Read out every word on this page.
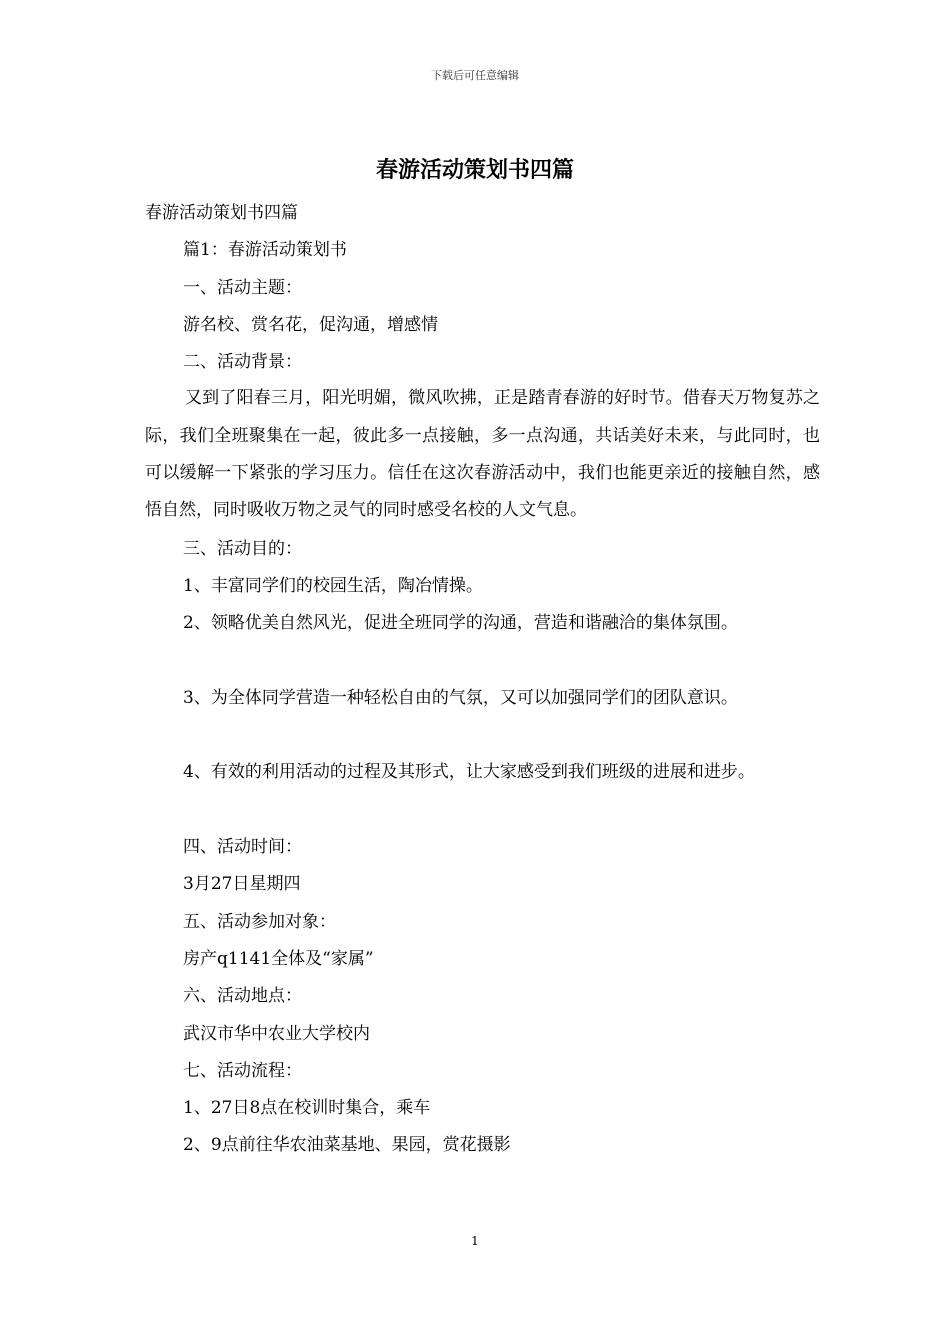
下载后可任意编辑
春游活动策划书四篇
春游活动策划书四篇
篇1：春游活动策划书
一、活动主题：
游名校、赏名花，促沟通，增感情
二、活动背景：
又到了阳春三月，阳光明媚，微风吹拂，正是踏青春游的好时节。借春天万物复苏之际，我们全班聚集在一起，彼此多一点接触，多一点沟通，共话美好未来，与此同时，也可以缓解一下紧张的学习压力。信任在这次春游活动中，我们也能更亲近的接触自然，感悟自然，同时吸收万物之灵气的同时感受名校的人文气息。
三、活动目的：
1、丰富同学们的校园生活，陶冶情操。
2、领略优美自然风光，促进全班同学的沟通，营造和谐融洽的集体氛围。
3、为全体同学营造一种轻松自由的气氛，又可以加强同学们的团队意识。
4、有效的利用活动的过程及其形式，让大家感受到我们班级的进展和进步。
四、活动时间：
3月27日星期四
五、活动参加对象：
房产q1141全体及“家属”
六、活动地点：
武汉市华中农业大学校内
七、活动流程：
1、27日8点在校训时集合，乘车
2、9点前往华农油菜基地、果园，赏花摄影
1
